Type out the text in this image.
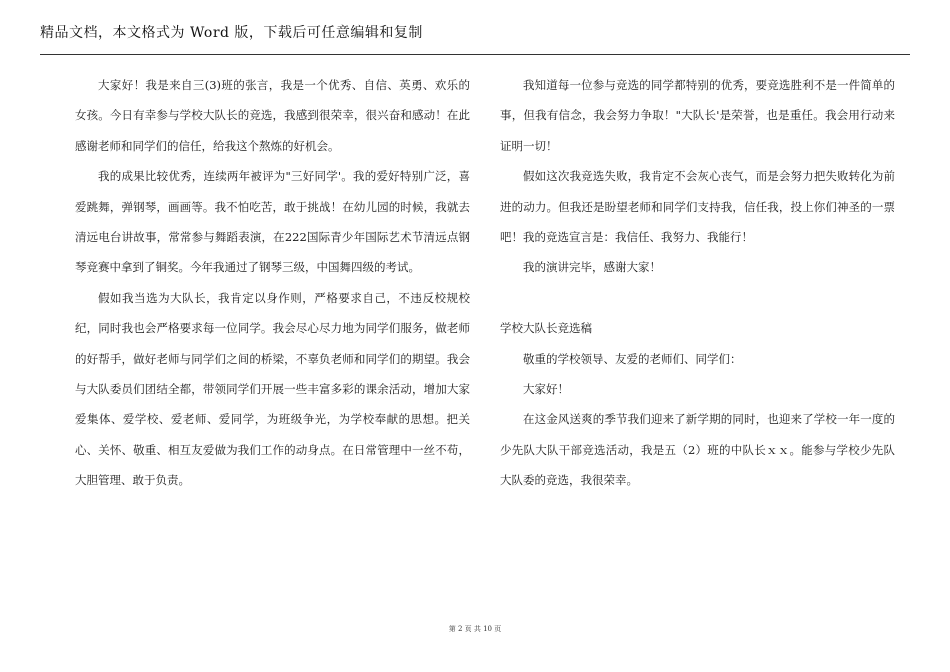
精品文档，本文格式为 Word 版，下载后可任意编辑和复制

大家好！我是来自三(3)班的张言，我是一个优秀、自信、英勇、欢乐的女孩。今日有幸参与学校大队长的竞选，我感到很荣幸，很兴奋和感动！在此感谢老师和同学们的信任，给我这个熬炼的好机会。

我的成果比较优秀，连续两年被评为"三好同学'。我的爱好特别广泛，喜爱跳舞，弹钢琴，画画等。我不怕吃苦，敢于挑战！在幼儿园的时候，我就去清远电台讲故事，常常参与舞蹈表演，在222国际青少年国际艺术节清远点钢琴竞赛中拿到了铜奖。今年我通过了钢琴三级，中国舞四级的考试。

假如我当选为大队长，我肯定以身作则，严格要求自己，不违反校规校纪，同时我也会严格要求每一位同学。我会尽心尽力地为同学们服务，做老师的好帮手，做好老师与同学们之间的桥梁，不辜负老师和同学们的期望。我会与大队委员们团结全都，带领同学们开展一些丰富多彩的课余活动，增加大家爱集体、爱学校、爱老师、爱同学，为班级争光，为学校奉献的思想。把关心、关怀、敬重、相互友爱做为我们工作的动身点。在日常管理中一丝不苟，大胆管理、敢于负责。

我知道每一位参与竞选的同学都特别的优秀，要竞选胜利不是一件简单的事，但我有信念，我会努力争取！"大队长'是荣誉，也是重任。我会用行动来证明一切！

假如这次我竞选失败，我肯定不会灰心丧气，而是会努力把失败转化为前进的动力。但我还是盼望老师和同学们支持我，信任我，投上你们神圣的一票吧！我的竞选宣言是：我信任、我努力、我能行！

我的演讲完毕，感谢大家！

学校大队长竞选稿

敬重的学校领导、友爱的老师们、同学们：

大家好！

在这金风送爽的季节我们迎来了新学期的同时，也迎来了学校一年一度的少先队大队干部竞选活动，我是五（2）班的中队长ｘｘ。能参与学校少先队大队委的竞选，我很荣幸。

第 2 页 共 10 页
